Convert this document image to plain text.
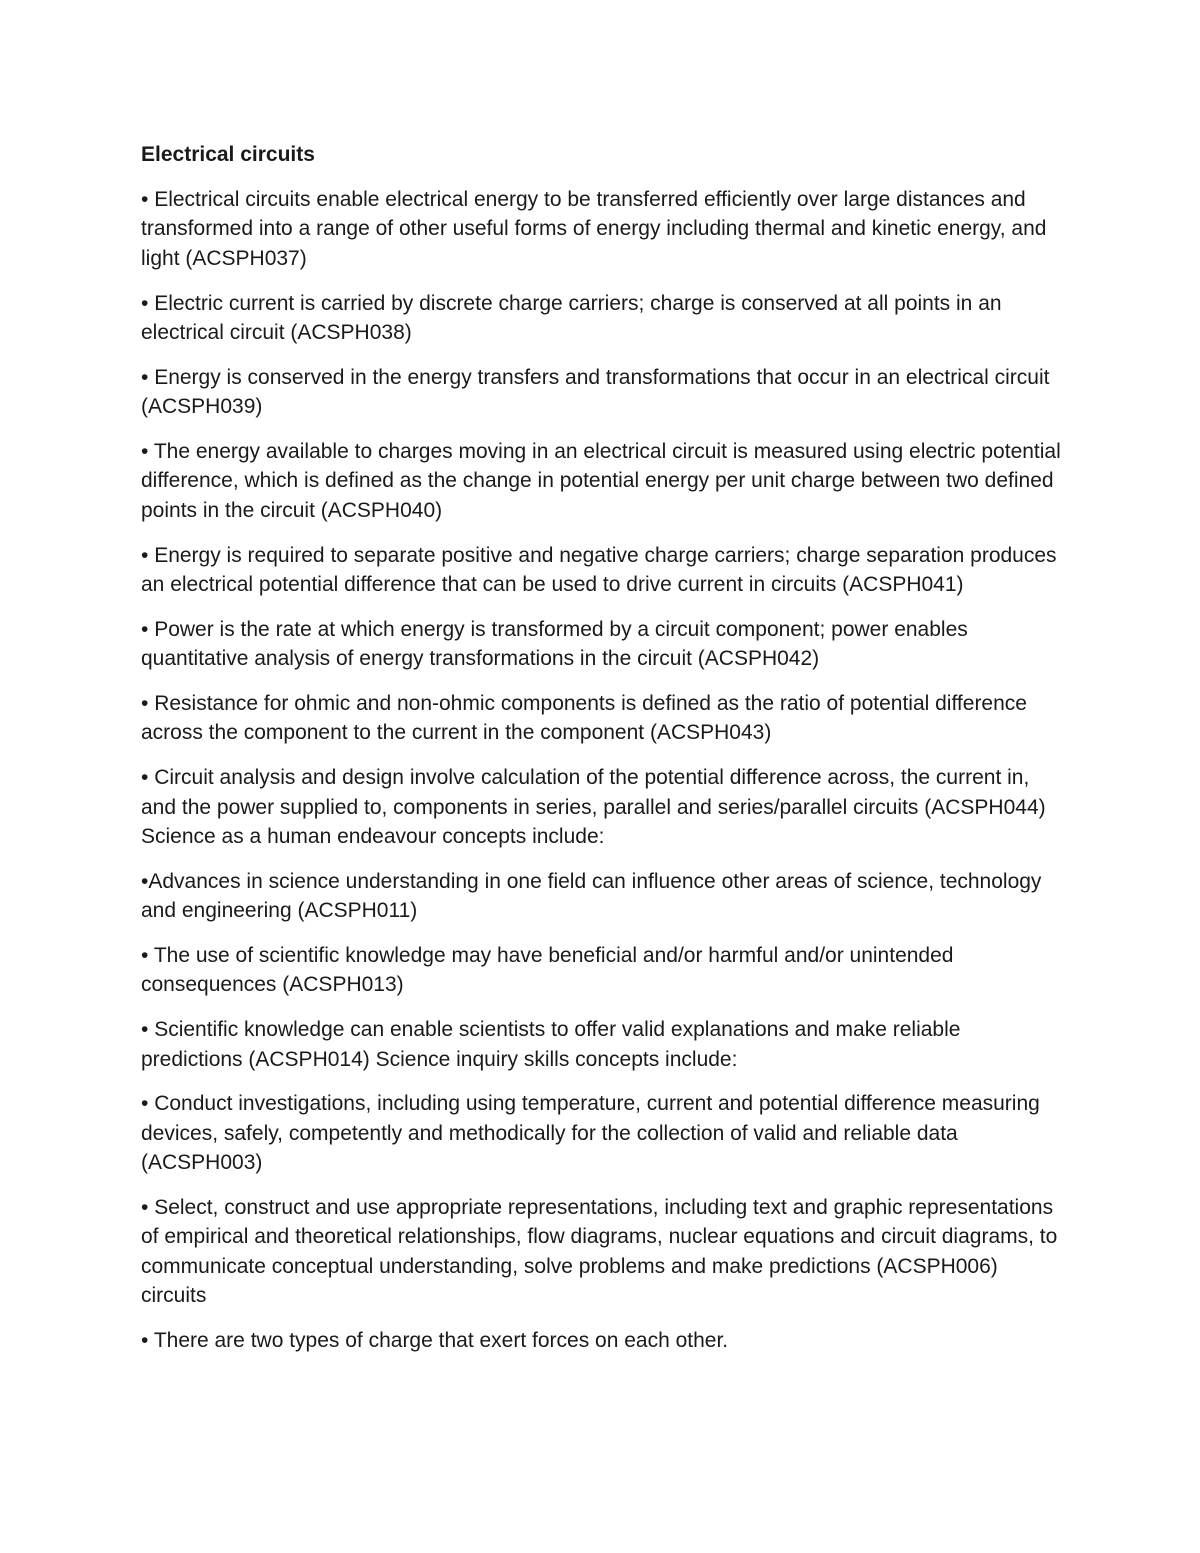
Electrical circuits
• Electrical circuits enable electrical energy to be transferred efficiently over large distances and transformed into a range of other useful forms of energy including thermal and kinetic energy, and light (ACSPH037)
• Electric current is carried by discrete charge carriers; charge is conserved at all points in an electrical circuit (ACSPH038)
• Energy is conserved in the energy transfers and transformations that occur in an electrical circuit (ACSPH039)
• The energy available to charges moving in an electrical circuit is measured using electric potential difference, which is defined as the change in potential energy per unit charge between two defined points in the circuit (ACSPH040)
• Energy is required to separate positive and negative charge carriers; charge separation produces an electrical potential difference that can be used to drive current in circuits (ACSPH041)
• Power is the rate at which energy is transformed by a circuit component; power enables quantitative analysis of energy transformations in the circuit (ACSPH042)
• Resistance for ohmic and non-ohmic components is defined as the ratio of potential difference across the component to the current in the component (ACSPH043)
• Circuit analysis and design involve calculation of the potential difference across, the current in, and the power supplied to, components in series, parallel and series/parallel circuits (ACSPH044) Science as a human endeavour concepts include:
•Advances in science understanding in one field can influence other areas of science, technology and engineering (ACSPH011)
• The use of scientific knowledge may have beneficial and/or harmful and/or unintended consequences (ACSPH013)
• Scientific knowledge can enable scientists to offer valid explanations and make reliable predictions (ACSPH014) Science inquiry skills concepts include:
• Conduct investigations, including using temperature, current and potential difference measuring devices, safely, competently and methodically for the collection of valid and reliable data (ACSPH003)
• Select, construct and use appropriate representations, including text and graphic representations of empirical and theoretical relationships, flow diagrams, nuclear equations and circuit diagrams, to communicate conceptual understanding, solve problems and make predictions (ACSPH006) circuits
• There are two types of charge that exert forces on each other.
